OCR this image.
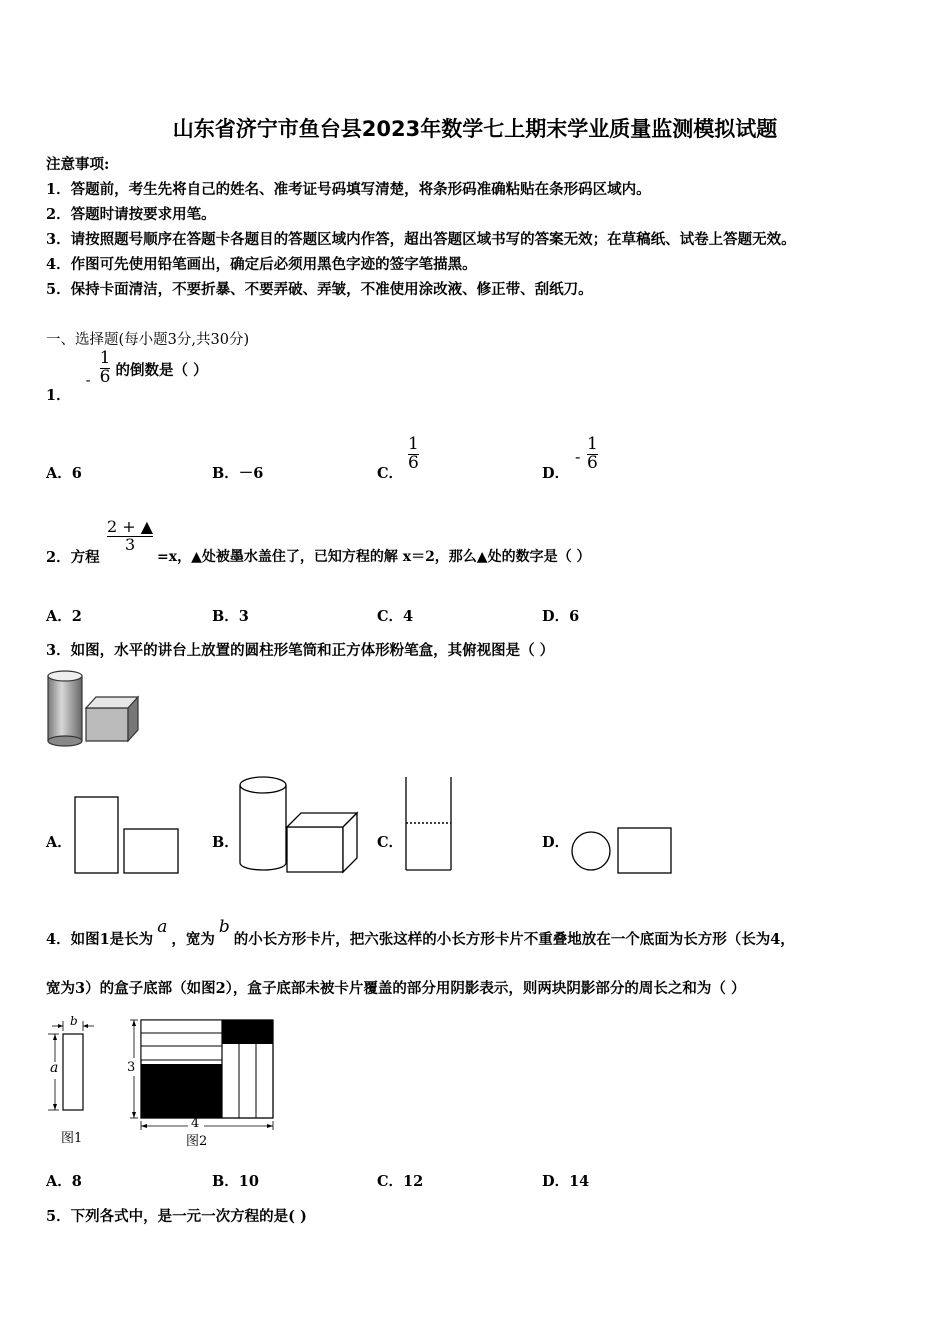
山东省济宁市鱼台县2023年数学七上期末学业质量监测模拟试题
注意事项:
1．答题前，考生先将自己的姓名、准考证号码填写清楚，将条形码准确粘贴在条形码区域内。
2．答题时请按要求用笔。
3．请按照题号顺序在答题卡各题目的答题区域内作答，超出答题区域书写的答案无效；在草稿纸、试卷上答题无效。
4．作图可先使用铅笔画出，确定后必须用黑色字迹的签字笔描黑。
5．保持卡面清洁，不要折暴、不要弄破、弄皱，不准使用涂改液、修正带、刮纸刀。
一、选择题(每小题3分,共30分)
1． - $\frac{1}{6}$ 的倒数是（ ）
A．6	B．－6	C．
1
6
D．
-
1
6
2．方程
2 + ▲
3
=x，▲处被墨水盖住了，已知方程的解 x＝2，那么▲处的数字是（ ）
A．2	B．3	C．4	D．6
3．如图，水平的讲台上放置的圆柱形笔筒和正方体形粉笔盒，其俯视图是（ ）
A．	B．	C．	D．
4．如图1是长为a，宽为b的小长方形卡片，把六张这样的小长方形卡片不重叠地放在一个底面为长方形（长为4，
宽为3）的盒子底部（如图2），盒子底部未被卡片覆盖的部分用阴影表示，则两块阴影部分的周长之和为（ ）
b
a
图1
3
4
图2
A．8	B．10	C．12	D．14
5．下列各式中，是一元一次方程的是( )
